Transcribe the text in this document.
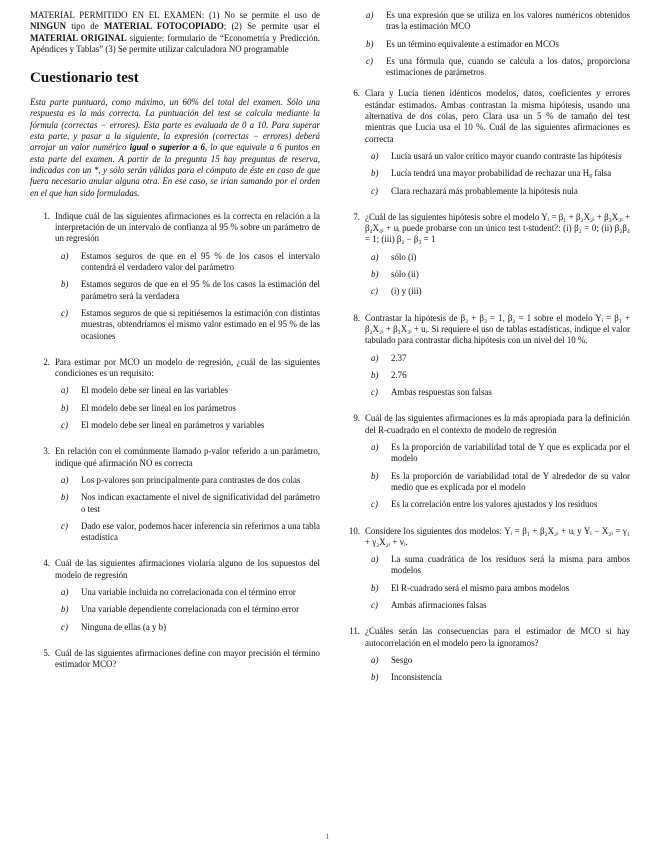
MATERIAL PERMITIDO EN EL EXAMEN: (1) No se permite el uso de NINGUN tipo de MATERIAL FOTOCOPIADO; (2) Se permite usar el MATERIAL ORIGINAL siguiente: formulario de “Econometría y Predicción. Apéndices y Tablas” (3) Se permite utilizar calculadora NO programable

Cuestionario test

Esta parte puntuará, como máximo, un 60% del total del examen. Sólo una respuesta es la más correcta. La puntuación del test se calcula mediante la fórmula (correctas − errores). Esta parte es evaluada de 0 a 10. Para superar esta parte, y pasar a la siguiente, la expresión (correctas − errores) deberá arrojar un valor numérico igual o superior a 6, lo que equivale a 6 puntos en esta parte del examen. A partir de la pregunta 15 hay preguntas de reserva, indicadas con un *, y sólo serán válidas para el cómputo de éste en caso de que fuera necesario anular alguna otra. En ese caso, se irían sumando por el orden en el que han sido formuladas.

1. Indique cuál de las siguientes afirmaciones es la correcta en relación a la interpretación de un intervalo de confianza al 95 % sobre un parámetro de un regresión
a)	Estamos seguros de que en el 95 % de los casos el intervalo contendrá el verdadero valor del parámetro
b)	Estamos seguros de que en el 95 % de los casos la estimación del parámetro será la verdadera
c)	Estamos seguros de que si repitiésemos la estimación con distintas muestras, obtendríamos el mismo valor estimado en el 95 % de las ocasiones
2. Para estimar por MCO un modelo de regresión, ¿cuál de las siguientes condiciones es un requisito:
a)	El modelo debe ser lineal en las variables
b)	El modelo debe ser lineal en los parámetros
c)	El modelo debe ser lineal en parámetros y variables
3. En relación con el comúnmente llamado p-valor referido a un parámetro, indique qué afirmación NO es correcta
a)	Los p-valores son principalmente para contrastes de dos colas
b)	Nos indican exactamente el nivel de significatividad del parámetro o test
c)	Dado ese valor, podemos hacer inferencia sin referirnos a una tabla estadística
4. Cuál de las siguientes afirmaciones violaría alguno de los supuestos del modelo de regresión
a)	Una variable incluida no correlacionada con el término error
b)	Una variable dependiente correlacionada con el término error
c)	Ninguna de ellas (a y b)
5. Cuál de las siguientes afirmaciones define con mayor precisión el término estimador MCO?
a)	Es una expresión que se utiliza en los valores numéricos obtenidos tras la estimación MCO
b)	Es un término equivalente a estimador en MCOs
c)	Es una fórmula que, cuando se calcula a los datos, proporciona estimaciones de parámetros
6. Clara y Lucía tienen idénticos modelos, datos, coeficientes y errores estándar estimados. Ambas contrastan la misma hipótesis, usando una alternativa de dos colas, pero Clara usa un 5 % de tamaño del test mientras que Lucía usa el 10 %. Cuál de las siguientes afirmaciones es correcta
a)	Lucía usará un valor crítico mayor cuando contraste las hipótesis
b)	Lucía tendrá una mayor probabilidad de rechazar una H₀ falsa
c)	Clara rechazará más probablemente la hipótesis nula
7. ¿Cuál de las siguientes hipótesis sobre el modelo Yᵢ = β₁ + β₂X₂ᵢ + β₃X₃ᵢ + β₄X₄ᵢ + uᵢ puede probarse con un único test t-student?: (i) β₂ = 0; (ii) β₂β₄ = 1; (iii) β₂ − β₃ = 1
a)	sólo (i)
b)	sólo (ii)
c)	(i) y (iii)
8. Contrastar la hipótesis de β₂ + β₃ = 1, β₂ = 1 sobre el modelo Yᵢ = β₁ + β₂X₂ᵢ + β₃X₃ᵢ + uᵢ. Si requiere el uso de tablas estadísticas, indique el valor tabulado para contrastar dicha hipótesis con un nivel del 10 %.
a)	2.37
b)	2.76
c)	Ambas respuestas son falsas
9. Cuál de las siguientes afirmaciones es la más apropiada para la definición del R-cuadrado en el contexto de modelo de regresión
a)	Es la proporción de variabilidad total de Y que es explicada por el modelo
b)	Es la proporción de variabilidad total de Y alrededor de su valor medio que es explicada por el modelo
c)	Es la correlación entre los valores ajustados y los residuos
10. Considere los siguientes dos modelos: Yᵢ = β₁ + β₂X₂ᵢ + uᵢ y Yᵢ − X₂ᵢ = γ₁ + γ₂X₂ᵢ + vᵢ.
a)	La suma cuadrática de los residuos será la misma para ambos modelos
b)	El R-cuadrado será el mismo para ambos modelos
c)	Ambas afirmaciones falsas
11. ¿Cuáles serán las consecuencias para el estimador de MCO si hay autocorrelación en el modelo pero la ignoramos?
a)	Sesgo
b)	Inconsistencia
1
